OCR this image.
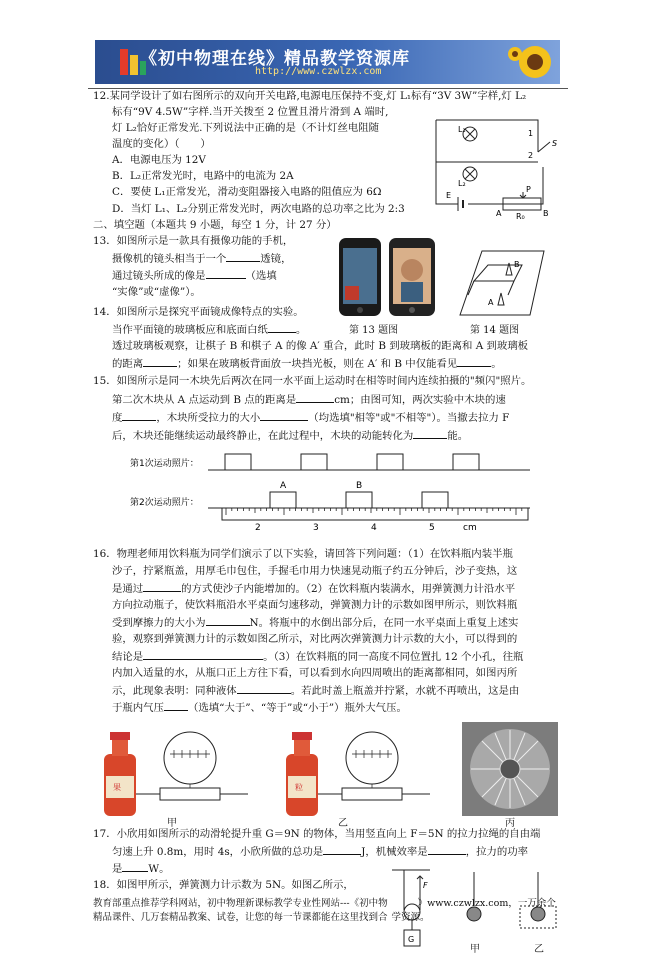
《初中物理在线》精品教学资源库
http://www.czwlzx.com
12.某同学设计了如右图所示的双向开关电路,电源电压保持不变,灯 L₁标有“3V 3W”字样,灯 L₂
标有“9V 4.5W”字样.当开关拨至 2 位置且滑片滑到 A 端时,
灯 L₂恰好正常发光.下列说法中正确的是（不计灯丝电阻随
温度的变化）（　　）
A．电源电压为 12V
B．L₂正常发光时，电路中的电流为 2A
C．要使 L₁正常发光，滑动变阻器接入电路的阻值应为 6Ω
D．当灯 L₁、L₂分别正常发光时，两次电路的总功率之比为 2:3
L₁
L₂
1
2
S
E
P
A	B
R₀
二、填空题（本题共 9 小题，每空 1 分，计 27 分）
13．如图所示是一款具有摄像功能的手机，
摄像机的镜头相当于一个	透镜，
通过镜头所成的像是	（选填
“实像”或“虚像”）。
第 13 题图
B
A
第 14 题图
14．如图所示是探究平面镜成像特点的实验。
当作平面镜的玻璃板应和底面白纸	。
透过玻璃板观察，让棋子 B 和棋子 A 的像 A′ 重合，此时 B 到玻璃板的距离和 A 到玻璃板
的距离	；如果在玻璃板背面放一块挡光板，则在 A′ 和 B 中仅能看见	。
15．如图所示是同一木块先后两次在同一水平面上运动时在相等时间内连续拍摄的"频闪"照片。
第二次木块从 A 点运动到 B 点的距离是	cm；由图可知，两次实验中木块的速
度	，木块所受拉力的大小	（均选填"相等"或"不相等"）。当撤去拉力 F
后，木块还能继续运动最终静止，在此过程中，木块的动能转化为	能。
第1次运动照片：
第2次运动照片：
A	B
2	3	4	5	cm
16．物理老师用饮料瓶为同学们演示了以下实验，请回答下列问题：（1）在饮料瓶内装半瓶
沙子，拧紧瓶盖，用厚毛巾包住，手握毛巾用力快速晃动瓶子约五分钟后，沙子变热，这
是通过	的方式使沙子内能增加的。（2）在饮料瓶内装满水，用弹簧测力计沿水平
方向拉动瓶子，使饮料瓶沿水平桌面匀速移动，弹簧测力计的示数如图甲所示，则饮料瓶
受到摩擦力的大小为	N。将瓶中的水倒出部分后，在同一水平桌面上重复上述实
验，观察到弹簧测力计的示数如图乙所示，对比两次弹簧测力计示数的大小，可以得到的
结论是	。（3）在饮料瓶的同一高度不同位置扎 12 个小孔，往瓶
内加入适量的水，从瓶口正上方往下看，可以看到水向四周喷出的距离都相同，如图丙所
示，此现象表明：同种液体	。若此时盖上瓶盖并拧紧，水就不再喷出，这是由
于瓶内气压 （选填“大于”、“等于”或“小于”）瓶外大气压。
果
甲
粒
乙	丙
17．小欣用如图所示的动滑轮提升重 G＝9N 的物体，当用竖直向上 F＝5N 的拉力拉绳的自由端
匀速上升 0.8m，用时 4s，小欣所做的总功是	J，机械效率是	，拉力的功率
是	W。
18．如图甲所示，弹簧测力计示数为 5N。如图乙所示，	F
G
甲	乙
教育部重点推荐学科网站，初中物理新课标教学专业性网站---《初中物	》www.czwlzx.com，一万余个
精品课件、几万套精品教案、试卷，让您的每一节课都能在这里找到合 学资源。
